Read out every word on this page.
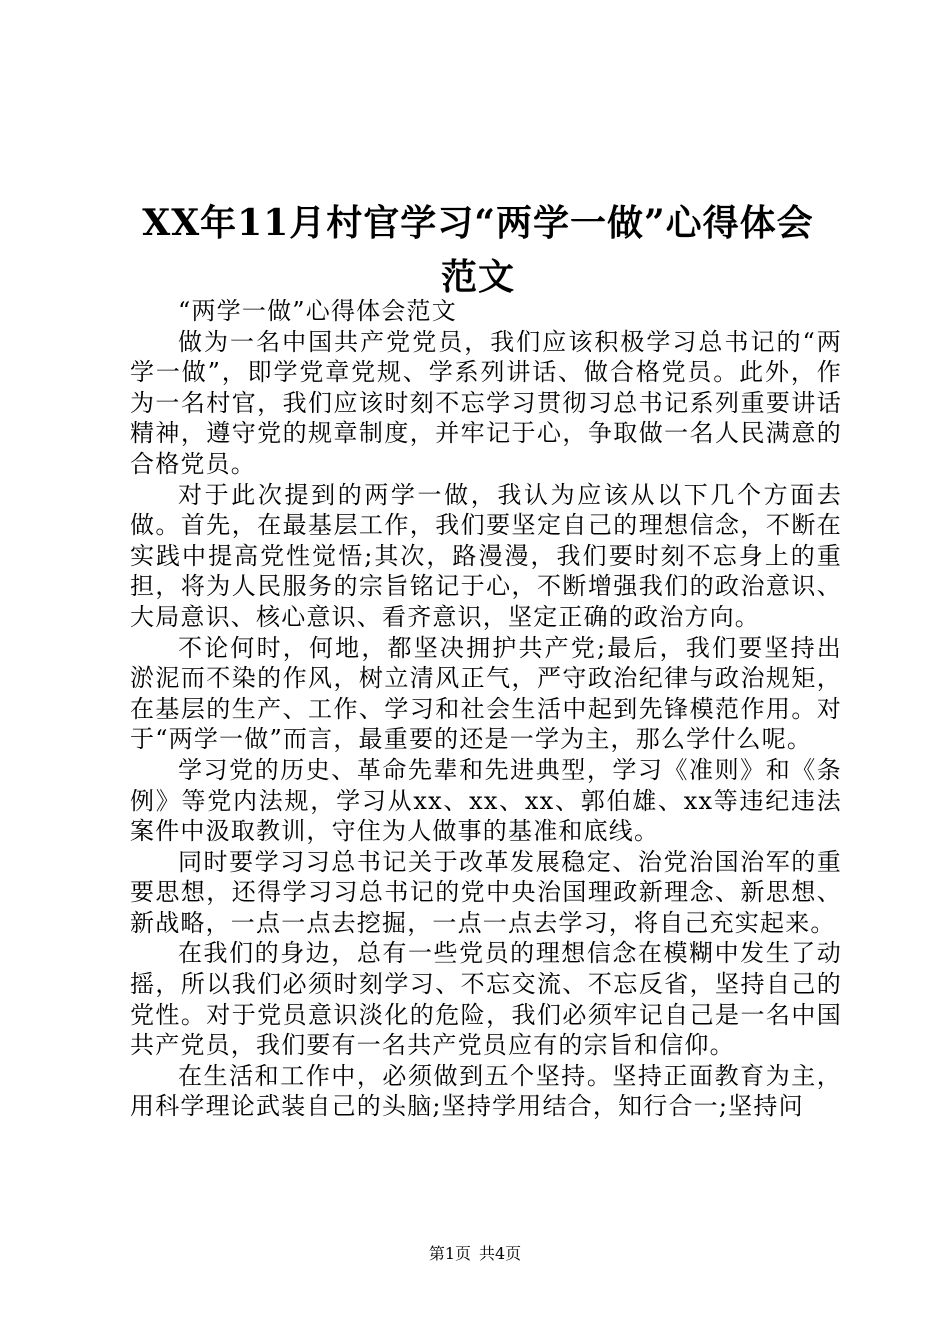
XX年11月村官学习“两学一做”心得体会范文

“两学一做”心得体会范文

做为一名中国共产党党员，我们应该积极学习总书记的“两学一做”，即学党章党规、学系列讲话、做合格党员。此外，作为一名村官，我们应该时刻不忘学习贯彻习总书记系列重要讲话精神，遵守党的规章制度，并牢记于心，争取做一名人民满意的合格党员。

对于此次提到的两学一做，我认为应该从以下几个方面去做。首先，在最基层工作，我们要坚定自己的理想信念，不断在实践中提高党性觉悟;其次，路漫漫，我们要时刻不忘身上的重担，将为人民服务的宗旨铭记于心，不断增强我们的政治意识、大局意识、核心意识、看齐意识，坚定正确的政治方向。

不论何时，何地，都坚决拥护共产党;最后，我们要坚持出淤泥而不染的作风，树立清风正气，严守政治纪律与政治规矩，在基层的生产、工作、学习和社会生活中起到先锋模范作用。对于“两学一做”而言，最重要的还是一学为主，那么学什么呢。

学习党的历史、革命先辈和先进典型，学习《准则》和《条例》等党内法规，学习从xx、xx、xx、郭伯雄、xx等违纪违法案件中汲取教训，守住为人做事的基准和底线。

同时要学习习总书记关于改革发展稳定、治党治国治军的重要思想，还得学习习总书记的党中央治国理政新理念、新思想、新战略，一点一点去挖掘，一点一点去学习，将自己充实起来。

在我们的身边，总有一些党员的理想信念在模糊中发生了动摇，所以我们必须时刻学习、不忘交流、不忘反省，坚持自己的党性。对于党员意识淡化的危险，我们必须牢记自己是一名中国共产党员，我们要有一名共产党员应有的宗旨和信仰。

在生活和工作中，必须做到五个坚持。坚持正面教育为主，用科学理论武装自己的头脑;坚持学用结合，知行合一;坚持问

第1页 共4页
